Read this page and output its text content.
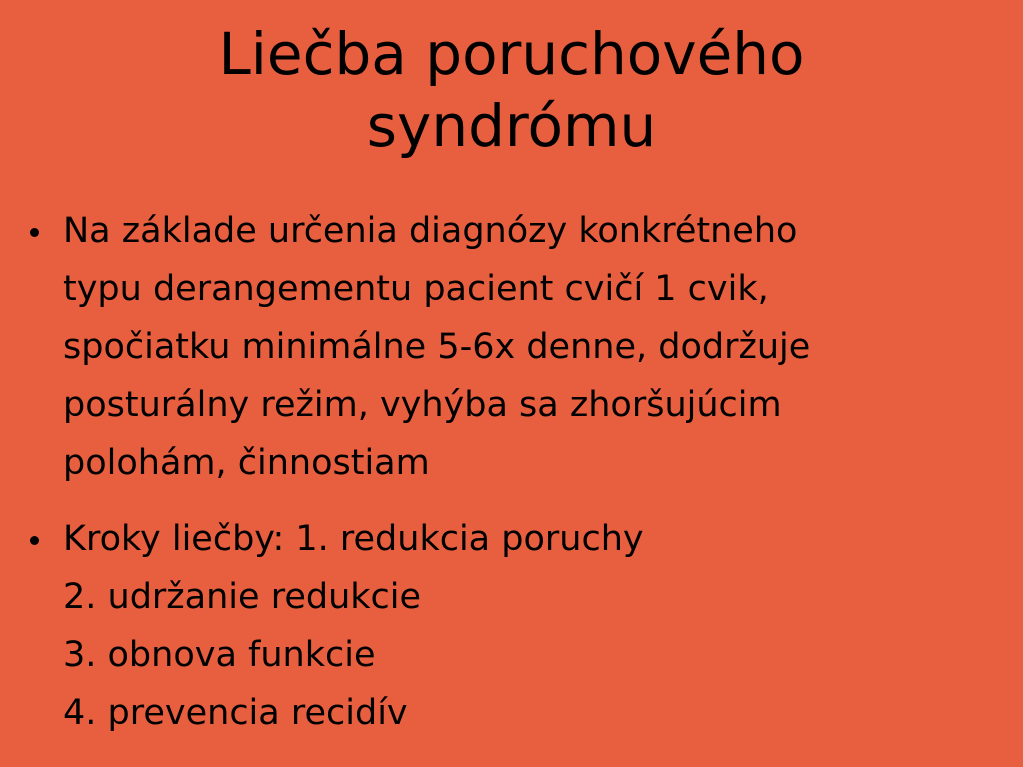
Liečba poruchového
syndrómu
Na základe určenia diagnózy konkrétneho
typu derangementu pacient cvičí 1 cvik,
spočiatku minimálne 5-6x denne, dodržuje
posturálny režim, vyhýba sa zhoršujúcim
polohám, činnostiam
Kroky liečby: 1. redukcia poruchy
2. udržanie redukcie
3. obnova funkcie
4. prevencia recidív
